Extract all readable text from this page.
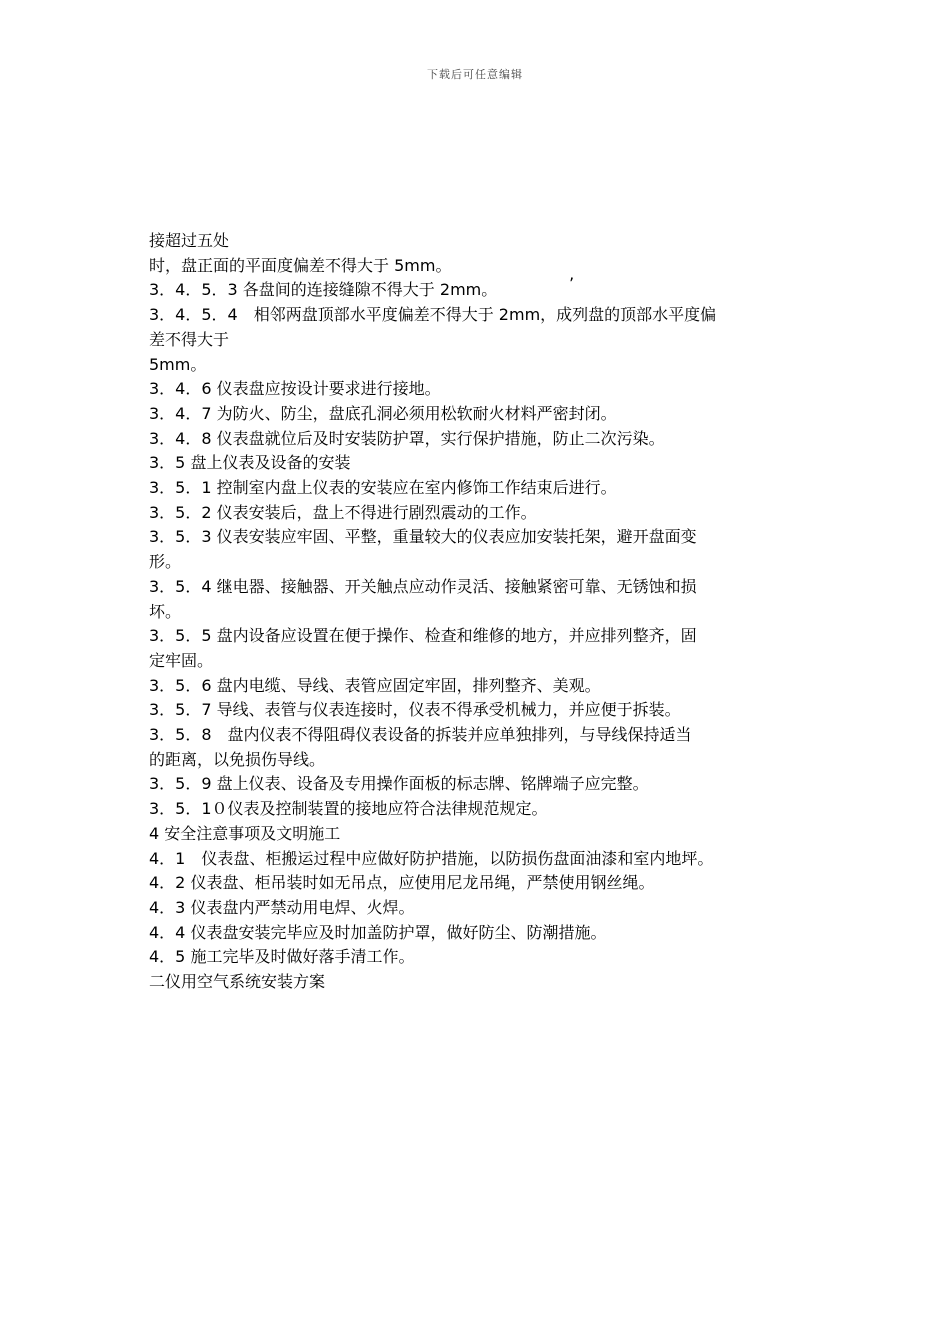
下载后可任意编辑
’

接超过五处

时，盘正面的平面度偏差不得大于 5mm。

3．4．5．3 各盘间的连接缝隙不得大于 2mm。

3．4．5．4　相邻两盘顶部水平度偏差不得大于 2mm，成列盘的顶部水平度偏

差不得大于

5mm。

3．4．6 仪表盘应按设计要求进行接地。

3．4．7 为防火、防尘，盘底孔洞必须用松软耐火材料严密封闭。

3．4．8 仪表盘就位后及时安装防护罩，实行保护措施，防止二次污染。

3．5 盘上仪表及设备的安装

3．5．1 控制室内盘上仪表的安装应在室内修饰工作结束后进行。

3．5．2 仪表安装后，盘上不得进行剧烈震动的工作。

3．5．3 仪表安装应牢固、平整，重量较大的仪表应加安装托架，避开盘面变

形。

3．5．4 继电器、接触器、开关触点应动作灵活、接触紧密可靠、无锈蚀和损

坏。

3．5．5 盘内设备应设置在便于操作、检查和维修的地方，并应排列整齐，固

定牢固。

3．5．6 盘内电缆、导线、表管应固定牢固，排列整齐、美观。

3．5．7 导线、表管与仪表连接时，仪表不得承受机械力，并应便于拆装。

3．5．8　盘内仪表不得阻碍仪表设备的拆装并应单独排列，与导线保持适当

的距离，以免损伤导线。

3．5．9 盘上仪表、设备及专用操作面板的标志牌、铭牌端子应完整。

3．5．1０仪表及控制装置的接地应符合法律规范规定。

4 安全注意事项及文明施工

4．1　仪表盘、柜搬运过程中应做好防护措施，以防损伤盘面油漆和室内地坪。

4．2 仪表盘、柜吊装时如无吊点，应使用尼龙吊绳，严禁使用钢丝绳。

4．3 仪表盘内严禁动用电焊、火焊。

4．4 仪表盘安装完毕应及时加盖防护罩，做好防尘、防潮措施。

4．5 施工完毕及时做好落手清工作。

二仪用空气系统安装方案
